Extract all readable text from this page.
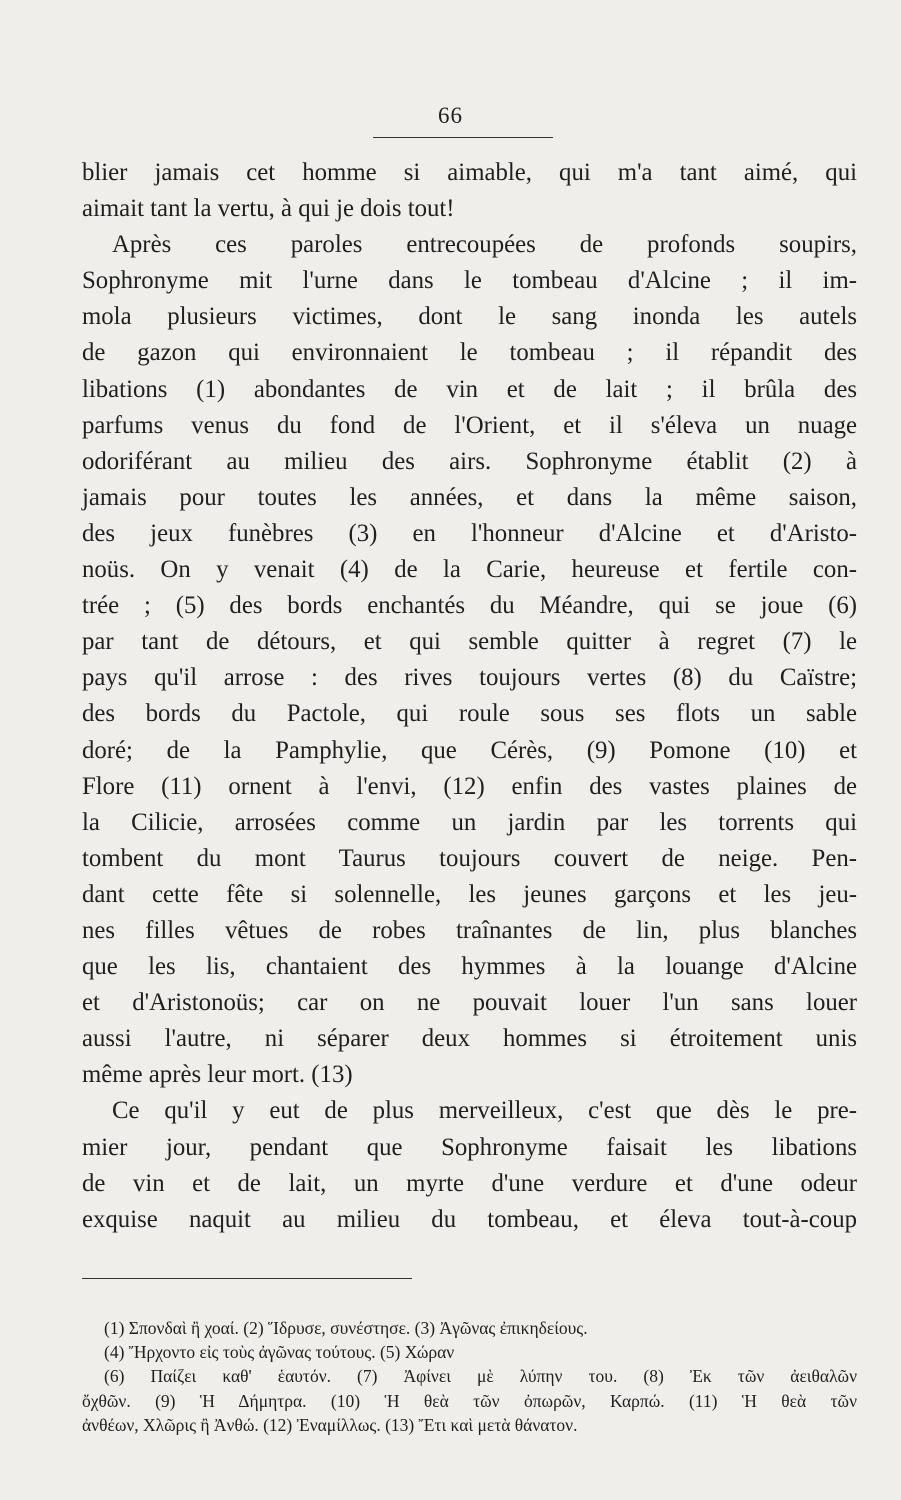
66

blier jamais cet homme si aimable, qui m'a tant aimé, qui

aimait tant la vertu, à qui je dois tout!

Après ces paroles entrecoupées de profonds soupirs,

Sophronyme mit l'urne dans le tombeau d'Alcine ; il im-

mola plusieurs victimes, dont le sang inonda les autels

de gazon qui environnaient le tombeau ; il répandit des

libations (1) abondantes de vin et de lait ; il brûla des

parfums venus du fond de l'Orient, et il s'éleva un nuage

odoriférant au milieu des airs. Sophronyme établit (2) à

jamais pour toutes les années, et dans la même saison,

des jeux funèbres (3) en l'honneur d'Alcine et d'Aristo-

noüs. On y venait (4) de la Carie, heureuse et fertile con-

trée ; (5) des bords enchantés du Méandre, qui se joue (6)

par tant de détours, et qui semble quitter à regret (7) le

pays qu'il arrose : des rives toujours vertes (8) du Caïstre;

des bords du Pactole, qui roule sous ses flots un sable

doré; de la Pamphylie, que Cérès, (9) Pomone (10) et

Flore (11) ornent à l'envi, (12) enfin des vastes plaines de

la Cilicie, arrosées comme un jardin par les torrents qui

tombent du mont Taurus toujours couvert de neige. Pen-

dant cette fête si solennelle, les jeunes garçons et les jeu-

nes filles vêtues de robes traînantes de lin, plus blanches

que les lis, chantaient des hymmes à la louange d'Alcine

et d'Aristonoüs; car on ne pouvait louer l'un sans louer

aussi l'autre, ni séparer deux hommes si étroitement unis

même après leur mort. (13)

Ce qu'il y eut de plus merveilleux, c'est que dès le pre-

mier jour, pendant que Sophronyme faisait les libations

de vin et de lait, un myrte d'une verdure et d'une odeur

exquise naquit au milieu du tombeau, et éleva tout-à-coup

(1) Σπονδαὶ ἢ χοαί. (2) Ἵδρυσε, συνέστησε. (3) Ἀγῶνας ἐπικηδείους.

(4) Ἤρχοντο εἰς τοὺς ἀγῶνας τούτους. (5) Χώραν

(6) Παίζει καθ' ἑαυτόν. (7) Ἀφίνει μὲ λύπην του. (8) Ἐκ τῶν ἀειθαλῶν

ὄχθῶν. (9) Ἡ Δήμητρα. (10) Ἡ θεὰ τῶν ὀπωρῶν, Καρπώ. (11) Ἡ θεὰ τῶν

ἀνθέων, Χλῶρις ἢ Ἀνθώ. (12) Ἐναμίλλως. (13) Ἔτι καὶ μετὰ θάνατον.
